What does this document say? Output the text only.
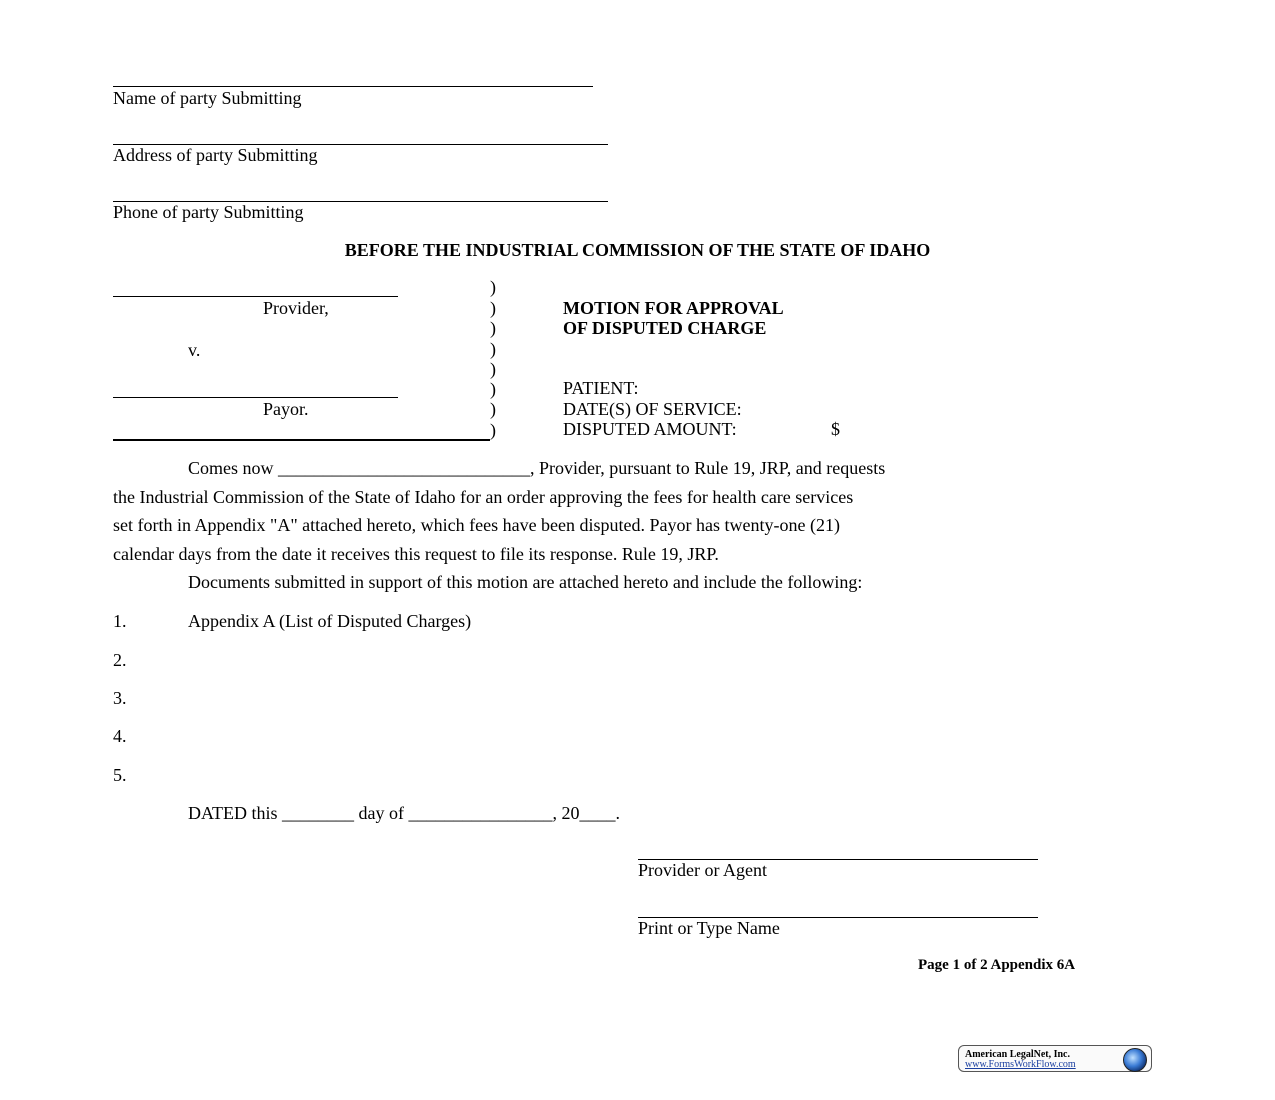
Name of party Submitting
Address of party Submitting
Phone of party Submitting
BEFORE THE INDUSTRIAL COMMISSION OF THE STATE OF IDAHO
Provider,
v.
Payor.
)
)
)
)
)
)
)
)
MOTION FOR APPROVAL
OF DISPUTED CHARGE
PATIENT:
DATE(S) OF SERVICE:
DISPUTED AMOUNT:	$
Comes now ____________________________, Provider, pursuant to Rule 19, JRP, and requests
the Industrial Commission of the State of Idaho for an order approving the fees for health care services
set forth in Appendix "A" attached hereto, which fees have been disputed. Payor has twenty-one (21)
calendar days from the date it receives this request to file its response. Rule 19, JRP.
Documents submitted in support of this motion are attached hereto and include the following:
1.	Appendix A (List of Disputed Charges)
2.
3.
4.
5.
DATED this ________ day of ________________, 20____.
Provider or Agent
Print or Type Name
Page 1 of 2 Appendix 6A
American LegalNet, Inc.
www.FormsWorkFlow.com
